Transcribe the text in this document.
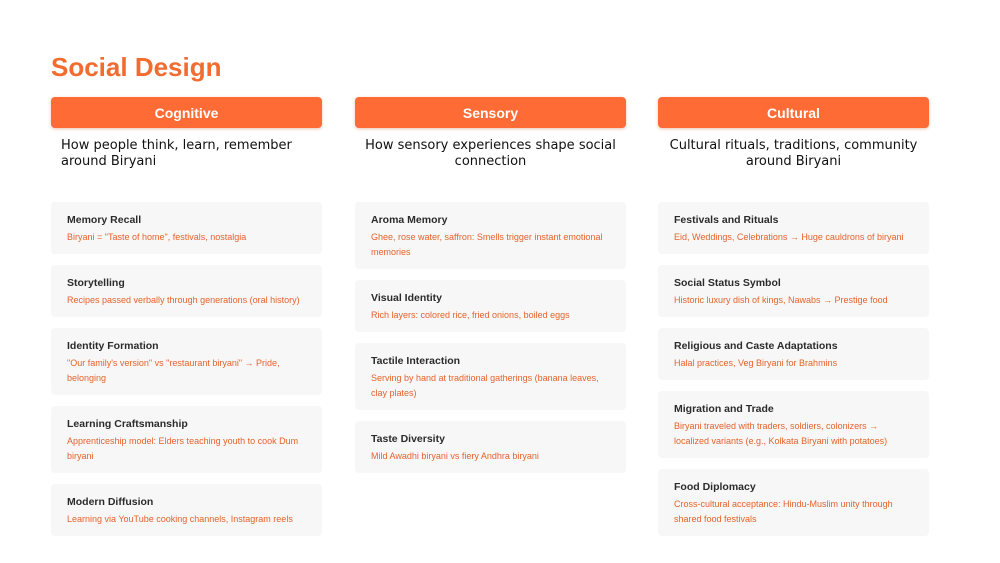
Social Design
Cognitive
How people think, learn, remember around Biryani
Memory Recall
Biryani = "Taste of home", festivals, nostalgia
Storytelling
Recipes passed verbally through generations (oral history)
Identity Formation
"Our family's version" vs "restaurant biryani" → Pride, belonging
Learning Craftsmanship
Apprenticeship model: Elders teaching youth to cook Dum biryani
Modern Diffusion
Learning via YouTube cooking channels, Instagram reels
Sensory
How sensory experiences shape social connection
Aroma Memory
Ghee, rose water, saffron: Smells trigger instant emotional memories
Visual Identity
Rich layers: colored rice, fried onions, boiled eggs
Tactile Interaction
Serving by hand at traditional gatherings (banana leaves, clay plates)
Taste Diversity
Mild Awadhi biryani vs fiery Andhra biryani
Cultural
Cultural rituals, traditions, community around Biryani
Festivals and Rituals
Eid, Weddings, Celebrations → Huge cauldrons of biryani
Social Status Symbol
Historic luxury dish of kings, Nawabs → Prestige food
Religious and Caste Adaptations
Halal practices, Veg Biryani for Brahmins
Migration and Trade
Biryani traveled with traders, soldiers, colonizers → localized variants (e.g., Kolkata Biryani with potatoes)
Food Diplomacy
Cross-cultural acceptance: Hindu-Muslim unity through shared food festivals
